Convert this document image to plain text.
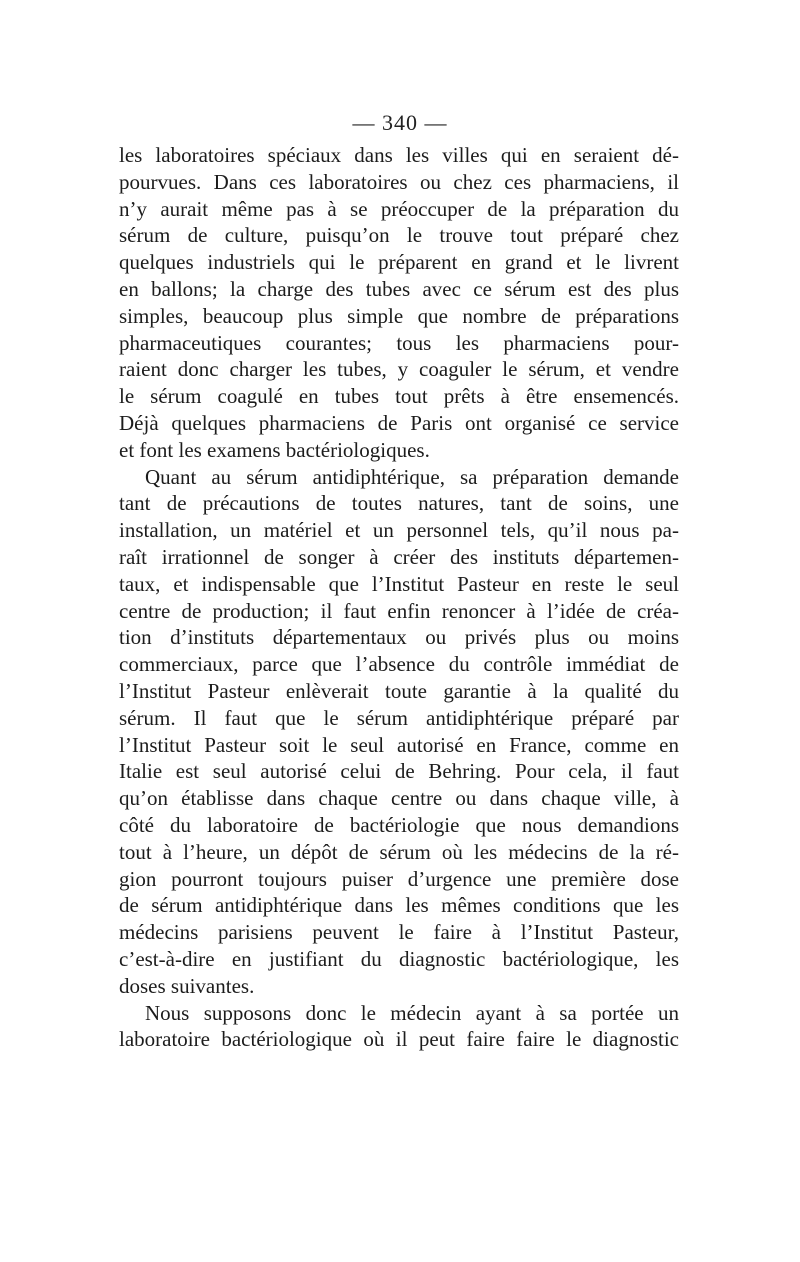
— 340 —
les laboratoires spéciaux dans les villes qui en seraient dé-
pourvues. Dans ces laboratoires ou chez ces pharmaciens, il
n’y aurait même pas à se préoccuper de la préparation du
sérum de culture, puisqu’on le trouve tout préparé chez
quelques industriels qui le préparent en grand et le livrent
en ballons; la charge des tubes avec ce sérum est des plus
simples, beaucoup plus simple que nombre de préparations
pharmaceutiques courantes; tous les pharmaciens pour-
raient donc charger les tubes, y coaguler le sérum, et vendre
le sérum coagulé en tubes tout prêts à être ensemencés.
Déjà quelques pharmaciens de Paris ont organisé ce service
et font les examens bactériologiques.
Quant au sérum antidiphtérique, sa préparation demande
tant de précautions de toutes natures, tant de soins, une
installation, un matériel et un personnel tels, qu’il nous pa-
raît irrationnel de songer à créer des instituts départemen-
taux, et indispensable que l’Institut Pasteur en reste le seul
centre de production; il faut enfin renoncer à l’idée de créa-
tion d’instituts départementaux ou privés plus ou moins
commerciaux, parce que l’absence du contrôle immédiat de
l’Institut Pasteur enlèverait toute garantie à la qualité du
sérum. Il faut que le sérum antidiphtérique préparé par
l’Institut Pasteur soit le seul autorisé en France, comme en
Italie est seul autorisé celui de Behring. Pour cela, il faut
qu’on établisse dans chaque centre ou dans chaque ville, à
côté du laboratoire de bactériologie que nous demandions
tout à l’heure, un dépôt de sérum où les médecins de la ré-
gion pourront toujours puiser d’urgence une première dose
de sérum antidiphtérique dans les mêmes conditions que les
médecins parisiens peuvent le faire à l’Institut Pasteur,
c’est-à-dire en justifiant du diagnostic bactériologique, les
doses suivantes.
Nous supposons donc le médecin ayant à sa portée un
laboratoire bactériologique où il peut faire faire le diagnostic
